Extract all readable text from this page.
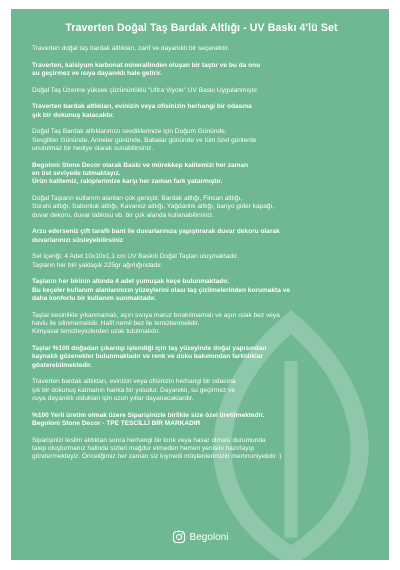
Traverten Doğal Taş Bardak Altlığı - UV Baskı 4'lü Set
Traverten doğal taş bardak altlıkları, zarif ve dayanıklı bir seçenektir.
Traverten, kalsiyum karbonat minerallinden oluşan bir taştır ve bu da onu
su geçirmez ve ısıya dayanıklı hale getirir.
Doğal Taş Üzerine yüksek çözünürlüklü "Ultra Viyole" UV Baskı Uygulanmıştır.
Traverten bardak altlıkları, evinizin veya ofisinizin herhangi bir odasına
şık bir dokunuş katacaktır.
Doğal Taş Bardak altlıklarımızı sevdiklerinize için Doğum Gününde,
Sevgililer Gününde, Anneler gününde, Babalar gününde ve tüm özel günlerde
unutulmaz bir hediye olarak sunabilirsiniz.
Begoloni Stone Decor olarak Baskı ve mürekkep kalitemizi her zaman
en üst seviyede tutmaktayız.
Ürün kalitemiz, rakiplerimize karşı her zaman fark yatarmıştır.
Doğal Taşların kullanım alanları çok geniştir. Bardak altlığı, Fincan altlığı,
Sürahi altlığı, Sabunluk altlığı, Kavanoz altlığı, Yağdanlık altlığı, banyo gider kapağı,
duvar dekoru, duvar tablosu vb. bir çok alanda kullanabilirsiniz.
Arzu ederseniz çift taraflı bant ile duvarlarınıza yapıştırarak duvar dekoru olarak
duvarlarınızı süsleyebilirsiniz
Set içeriği: 4 Adet 10x10x1,1 cm UV Baskılı Doğal Taştan oluşmaktadır.
Taşların her biri yaklaşık 225gr ağırlığındadır.
Taşların her birinin altında 4 adet yumuşak keçe bulunmaktadır.
Bu keçeler kullanım alanlarınızın yüzeylerini olası taş çizilmelerinden korumakta ve
daha konforlu bir kullanım sunmaktadır.
Taşlar kesinlikle yıkanmamalı, aşırı sıvıya maruz bırakılmamalı ve aşırı ıslak bez veya
havlu ile silinmemelidir. Hafif nemli bez ile temizlenmelidir.
Kimyasal temizleyicilerden uzak tutulmalıdır.
Taşlar %100 doğadan çıkarılıp işlendiği için taş yüzeyinde doğal yapısından
kaynaklı gözenekler bulunmaktadır ve renk ve doku bakımından farklılıklar
gösterebilmektedir.
Traverten bardak altlıkları, evinizin veya ofisinizin herhangi bir odasına
şık bir dokunuş katmanın harika bir yoludur. Dayanıklı, su geçirmez ve
ısıya dayanıklı oldukları için uzun yıllar dayanacaklardır.
%100 Yerli üretim olmak üzere Siparişinizle birlikte size özel üretilmektedir.
Begoloni Stone Decor - TPE TESCİLLİ BİR MARKADIR
Siparişinizi teslim aldıktan sonra herhangi bir kırık veya hasar olması durumunda
talep oluşturmanız halinde sizleri mağdur etmeden hemen yenisini hazırlayıp
göndermekteyiz. Önceliğimiz her zaman siz kıymetli müşterilerimizin memnuniyetidir :)
Begoloni
